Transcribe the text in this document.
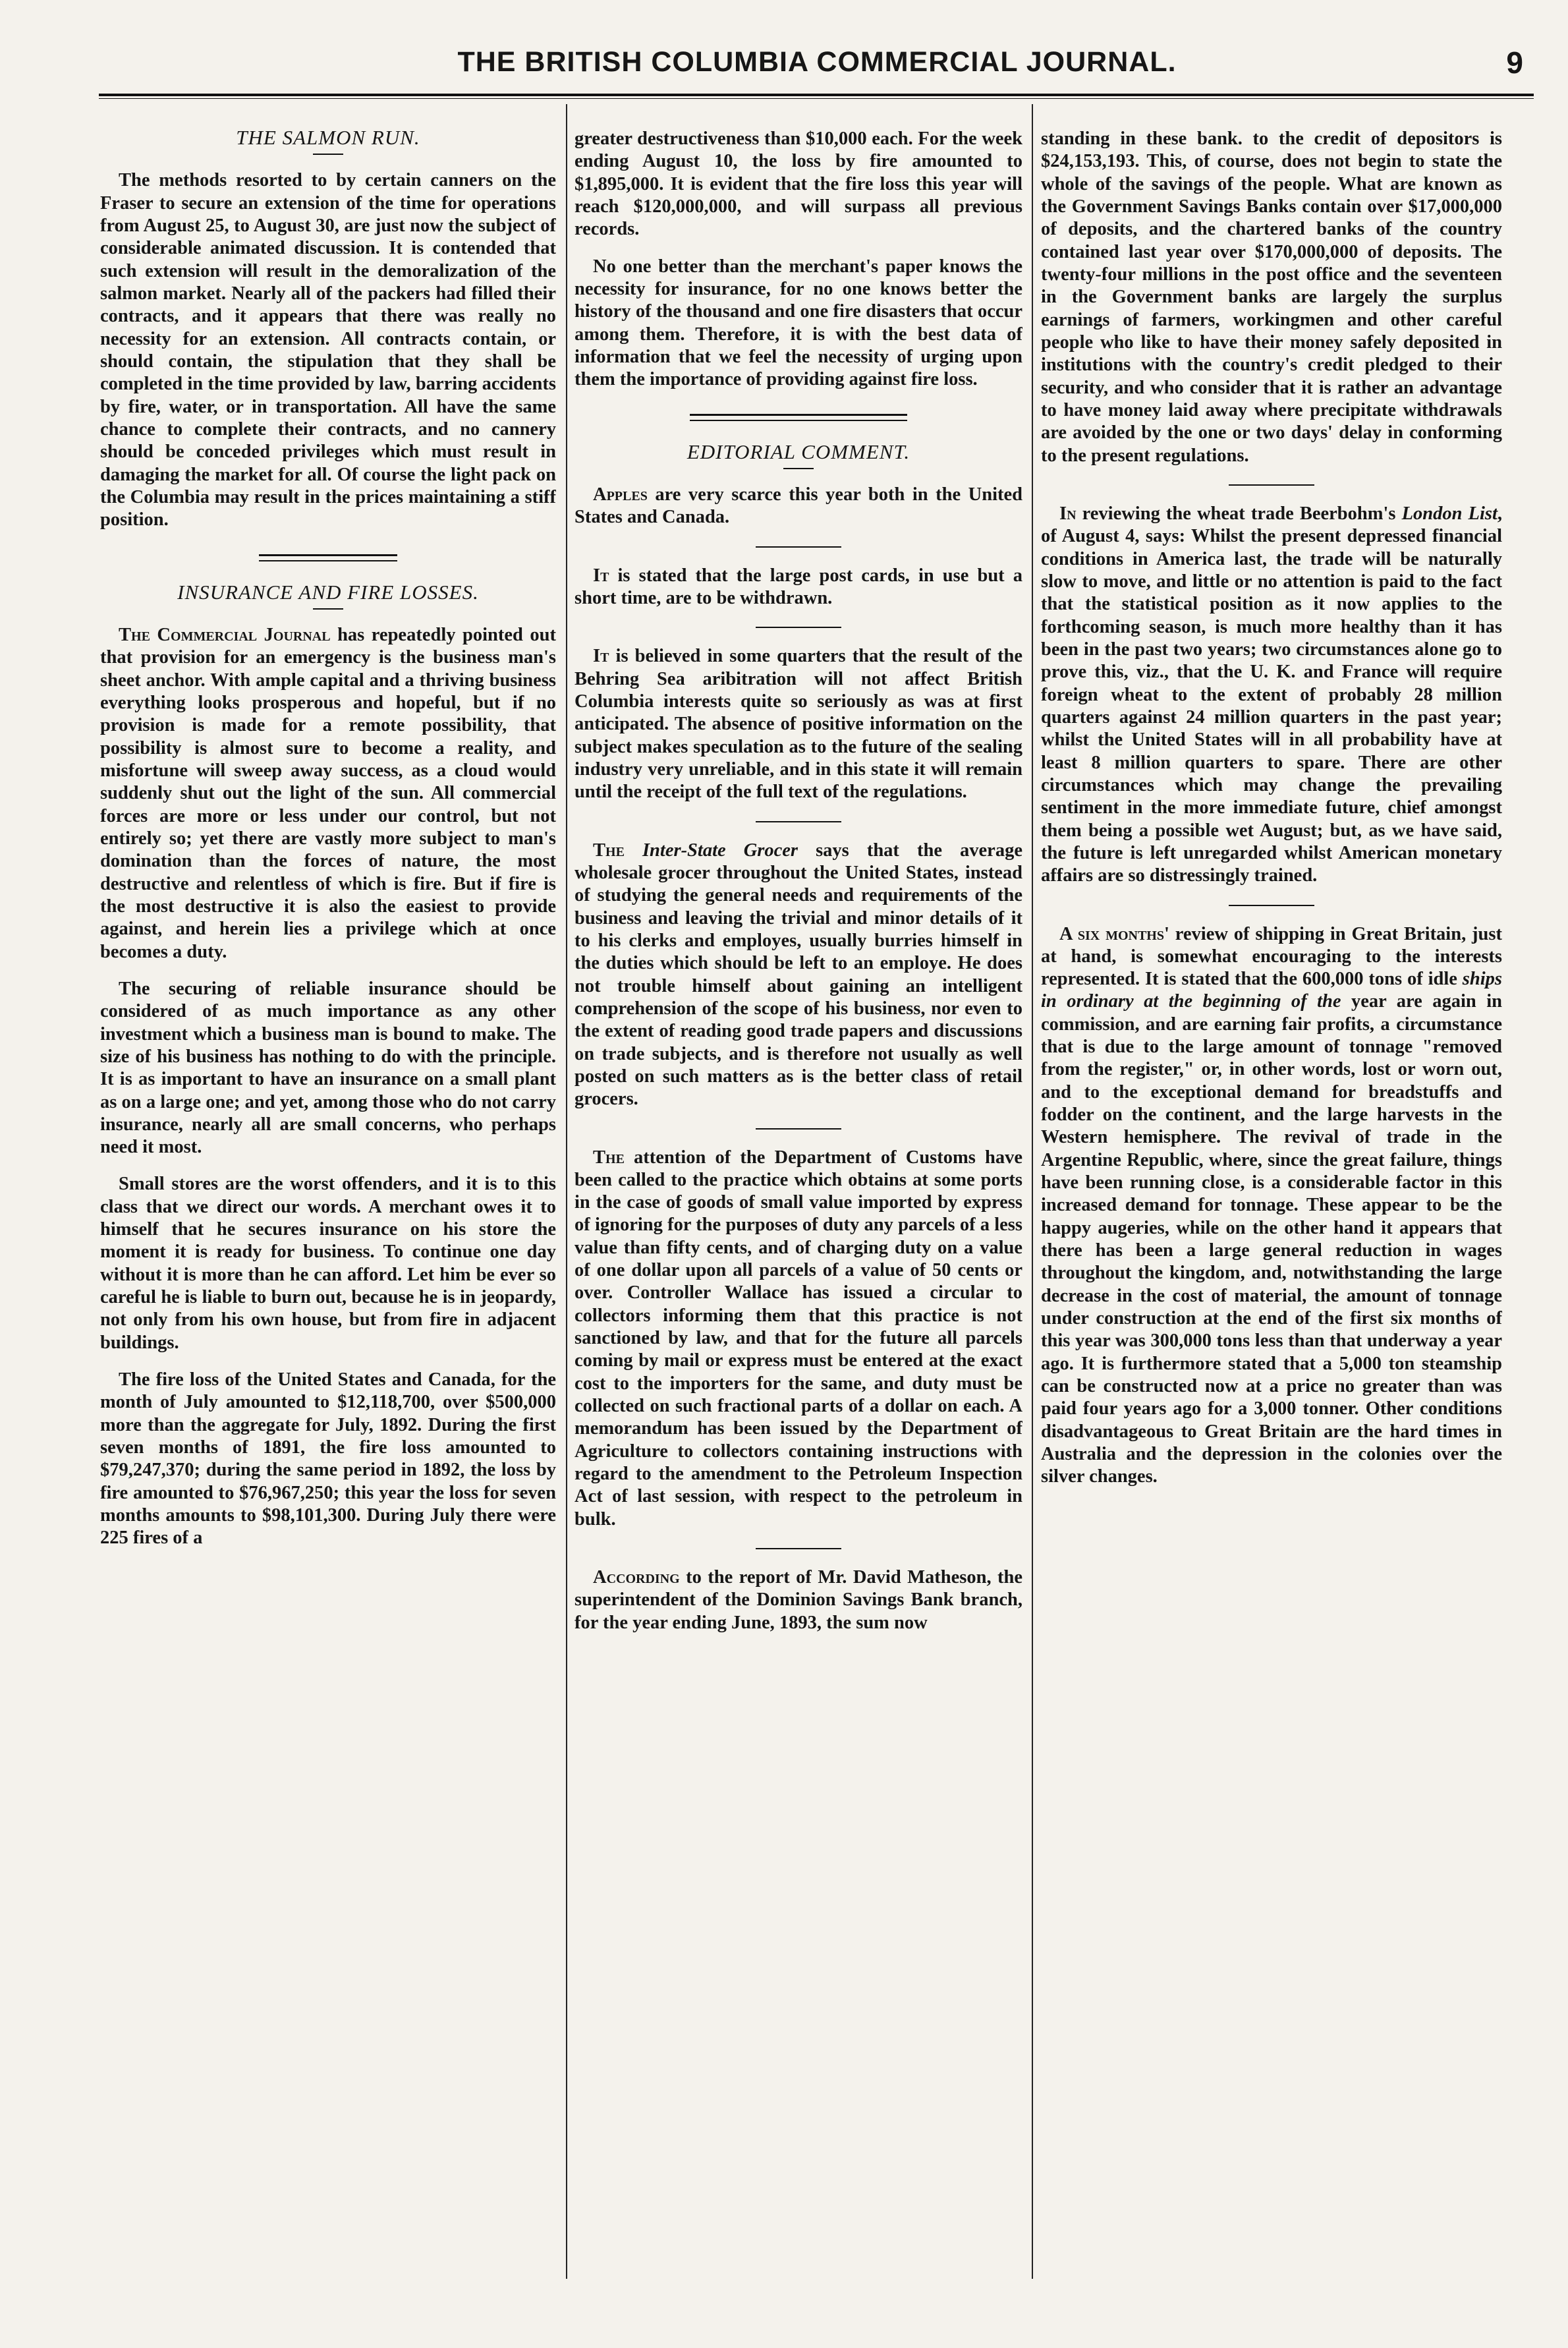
THE BRITISH COLUMBIA COMMERCIAL JOURNAL.	9
THE SALMON RUN.

The methods resorted to by certain canners on the Fraser to secure an extension of the time for operations from August 25, to August 30, are just now the subject of considerable animated discussion. It is contended that such extension will result in the demoralization of the salmon market. Nearly all of the packers had filled their contracts, and it appears that there was really no necessity for an extension. All contracts contain, or should contain, the stipulation that they shall be completed in the time provided by law, barring accidents by fire, water, or in transportation. All have the same chance to complete their contracts, and no cannery should be conceded privileges which must result in damaging the market for all. Of course the light pack on the Columbia may result in the prices maintaining a stiff position.

INSURANCE AND FIRE LOSSES.

The Commercial Journal has repeatedly pointed out that provision for an emergency is the business man's sheet anchor. With ample capital and a thriving business everything looks prosperous and hopeful, but if no provision is made for a remote possibility, that possibility is almost sure to become a reality, and misfortune will sweep away success, as a cloud would suddenly shut out the light of the sun. All commercial forces are more or less under our control, but not entirely so; yet there are vastly more subject to man's domination than the forces of nature, the most destructive and relentless of which is fire. But if fire is the most destructive it is also the easiest to provide against, and herein lies a privilege which at once becomes a duty.

The securing of reliable insurance should be considered of as much importance as any other investment which a business man is bound to make. The size of his business has nothing to do with the principle. It is as important to have an insurance on a small plant as on a large one; and yet, among those who do not carry insurance, nearly all are small concerns, who perhaps need it most.

Small stores are the worst offenders, and it is to this class that we direct our words. A merchant owes it to himself that he secures insurance on his store the moment it is ready for business. To continue one day without it is more than he can afford. Let him be ever so careful he is liable to burn out, because he is in jeopardy, not only from his own house, but from fire in adjacent buildings.

The fire loss of the United States and Canada, for the month of July amounted to $12,118,700, over $500,000 more than the aggregate for July, 1892. During the first seven months of 1891, the fire loss amounted to $79,247,370; during the same period in 1892, the loss by fire amounted to $76,967,250; this year the loss for seven months amounts to $98,101,300. During July there were 225 fires of a

greater destructiveness than $10,000 each. For the week ending August 10, the loss by fire amounted to $1,895,000. It is evident that the fire loss this year will reach $120,000,000, and will surpass all previous records.

No one better than the merchant's paper knows the necessity for insurance, for no one knows better the history of the thousand and one fire disasters that occur among them. Therefore, it is with the best data of information that we feel the necessity of urging upon them the importance of providing against fire loss.

EDITORIAL COMMENT.

Apples are very scarce this year both in the United States and Canada.

It is stated that the large post cards, in use but a short time, are to be withdrawn.

It is believed in some quarters that the result of the Behring Sea aribitration will not affect British Columbia interests quite so seriously as was at first anticipated. The absence of positive information on the subject makes speculation as to the future of the sealing industry very unreliable, and in this state it will remain until the receipt of the full text of the regulations.

The Inter-State Grocer says that the average wholesale grocer throughout the United States, instead of studying the general needs and requirements of the business and leaving the trivial and minor details of it to his clerks and employes, usually burries himself in the duties which should be left to an employe. He does not trouble himself about gaining an intelligent comprehension of the scope of his business, nor even to the extent of reading good trade papers and discussions on trade subjects, and is therefore not usually as well posted on such matters as is the better class of retail grocers.

The attention of the Department of Customs have been called to the practice which obtains at some ports in the case of goods of small value imported by express of ignoring for the purposes of duty any parcels of a less value than fifty cents, and of charging duty on a value of one dollar upon all parcels of a value of 50 cents or over. Controller Wallace has issued a circular to collectors informing them that this practice is not sanctioned by law, and that for the future all parcels coming by mail or express must be entered at the exact cost to the importers for the same, and duty must be collected on such fractional parts of a dollar on each. A memorandum has been issued by the Department of Agriculture to collectors containing instructions with regard to the amendment to the Petroleum Inspection Act of last session, with respect to the petroleum in bulk.

According to the report of Mr. David Matheson, the superintendent of the Dominion Savings Bank branch, for the year ending June, 1893, the sum now

standing in these bank. to the credit of depositors is $24,153,193. This, of course, does not begin to state the whole of the savings of the people. What are known as the Government Savings Banks contain over $17,000,000 of deposits, and the chartered banks of the country contained last year over $170,000,000 of deposits. The twenty-four millions in the post office and the seventeen in the Government banks are largely the surplus earnings of farmers, workingmen and other careful people who like to have their money safely deposited in institutions with the country's credit pledged to their security, and who consider that it is rather an advantage to have money laid away where precipitate withdrawals are avoided by the one or two days' delay in conforming to the present regulations.

In reviewing the wheat trade Beerbohm's London List, of August 4, says: Whilst the present depressed financial conditions in America last, the trade will be naturally slow to move, and little or no attention is paid to the fact that the statistical position as it now applies to the forthcoming season, is much more healthy than it has been in the past two years; two circumstances alone go to prove this, viz., that the U. K. and France will require foreign wheat to the extent of probably 28 million quarters against 24 million quarters in the past year; whilst the United States will in all probability have at least 8 million quarters to spare. There are other circumstances which may change the prevailing sentiment in the more immediate future, chief amongst them being a possible wet August; but, as we have said, the future is left unregarded whilst American monetary affairs are so distressingly trained.

A six months' review of shipping in Great Britain, just at hand, is somewhat encouraging to the interests represented. It is stated that the 600,000 tons of idle ships in ordinary at the beginning of the year are again in commission, and are earning fair profits, a circumstance that is due to the large amount of tonnage "removed from the register," or, in other words, lost or worn out, and to the exceptional demand for breadstuffs and fodder on the continent, and the large harvests in the Western hemisphere. The revival of trade in the Argentine Republic, where, since the great failure, things have been running close, is a considerable factor in this increased demand for tonnage. These appear to be the happy augeries, while on the other hand it appears that there has been a large general reduction in wages throughout the kingdom, and, notwithstanding the large decrease in the cost of material, the amount of tonnage under construction at the end of the first six months of this year was 300,000 tons less than that underway a year ago. It is furthermore stated that a 5,000 ton steamship can be constructed now at a price no greater than was paid four years ago for a 3,000 tonner. Other conditions disadvantageous to Great Britain are the hard times in Australia and the depression in the colonies over the silver changes.
